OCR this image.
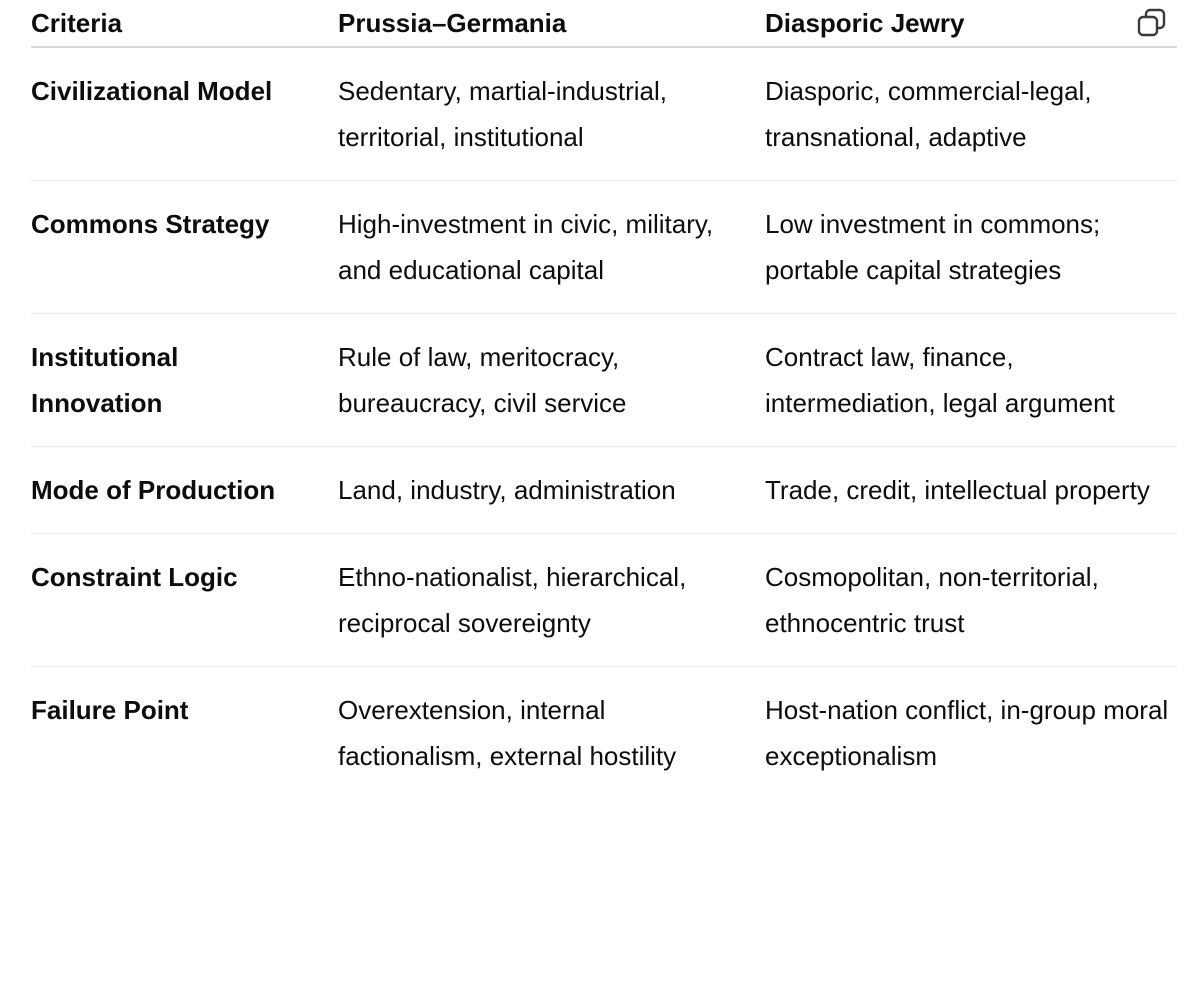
Criteria	Prussia–Germania	Diasporic Jewry
Civilizational Model	Sedentary, martial-industrial, territorial, institutional	Diasporic, commercial-legal, transnational, adaptive
Commons Strategy	High-investment in civic, military, and educational capital	Low investment in commons; portable capital strategies
Institutional Innovation	Rule of law, meritocracy, bureaucracy, civil service	Contract law, finance, intermediation, legal argument
Mode of Production	Land, industry, administration	Trade, credit, intellectual property
Constraint Logic	Ethno-nationalist, hierarchical, reciprocal sovereignty	Cosmopolitan, non-territorial, ethnocentric trust
Failure Point	Overextension, internal factionalism, external hostility	Host-nation conflict, in-group moral exceptionalism
